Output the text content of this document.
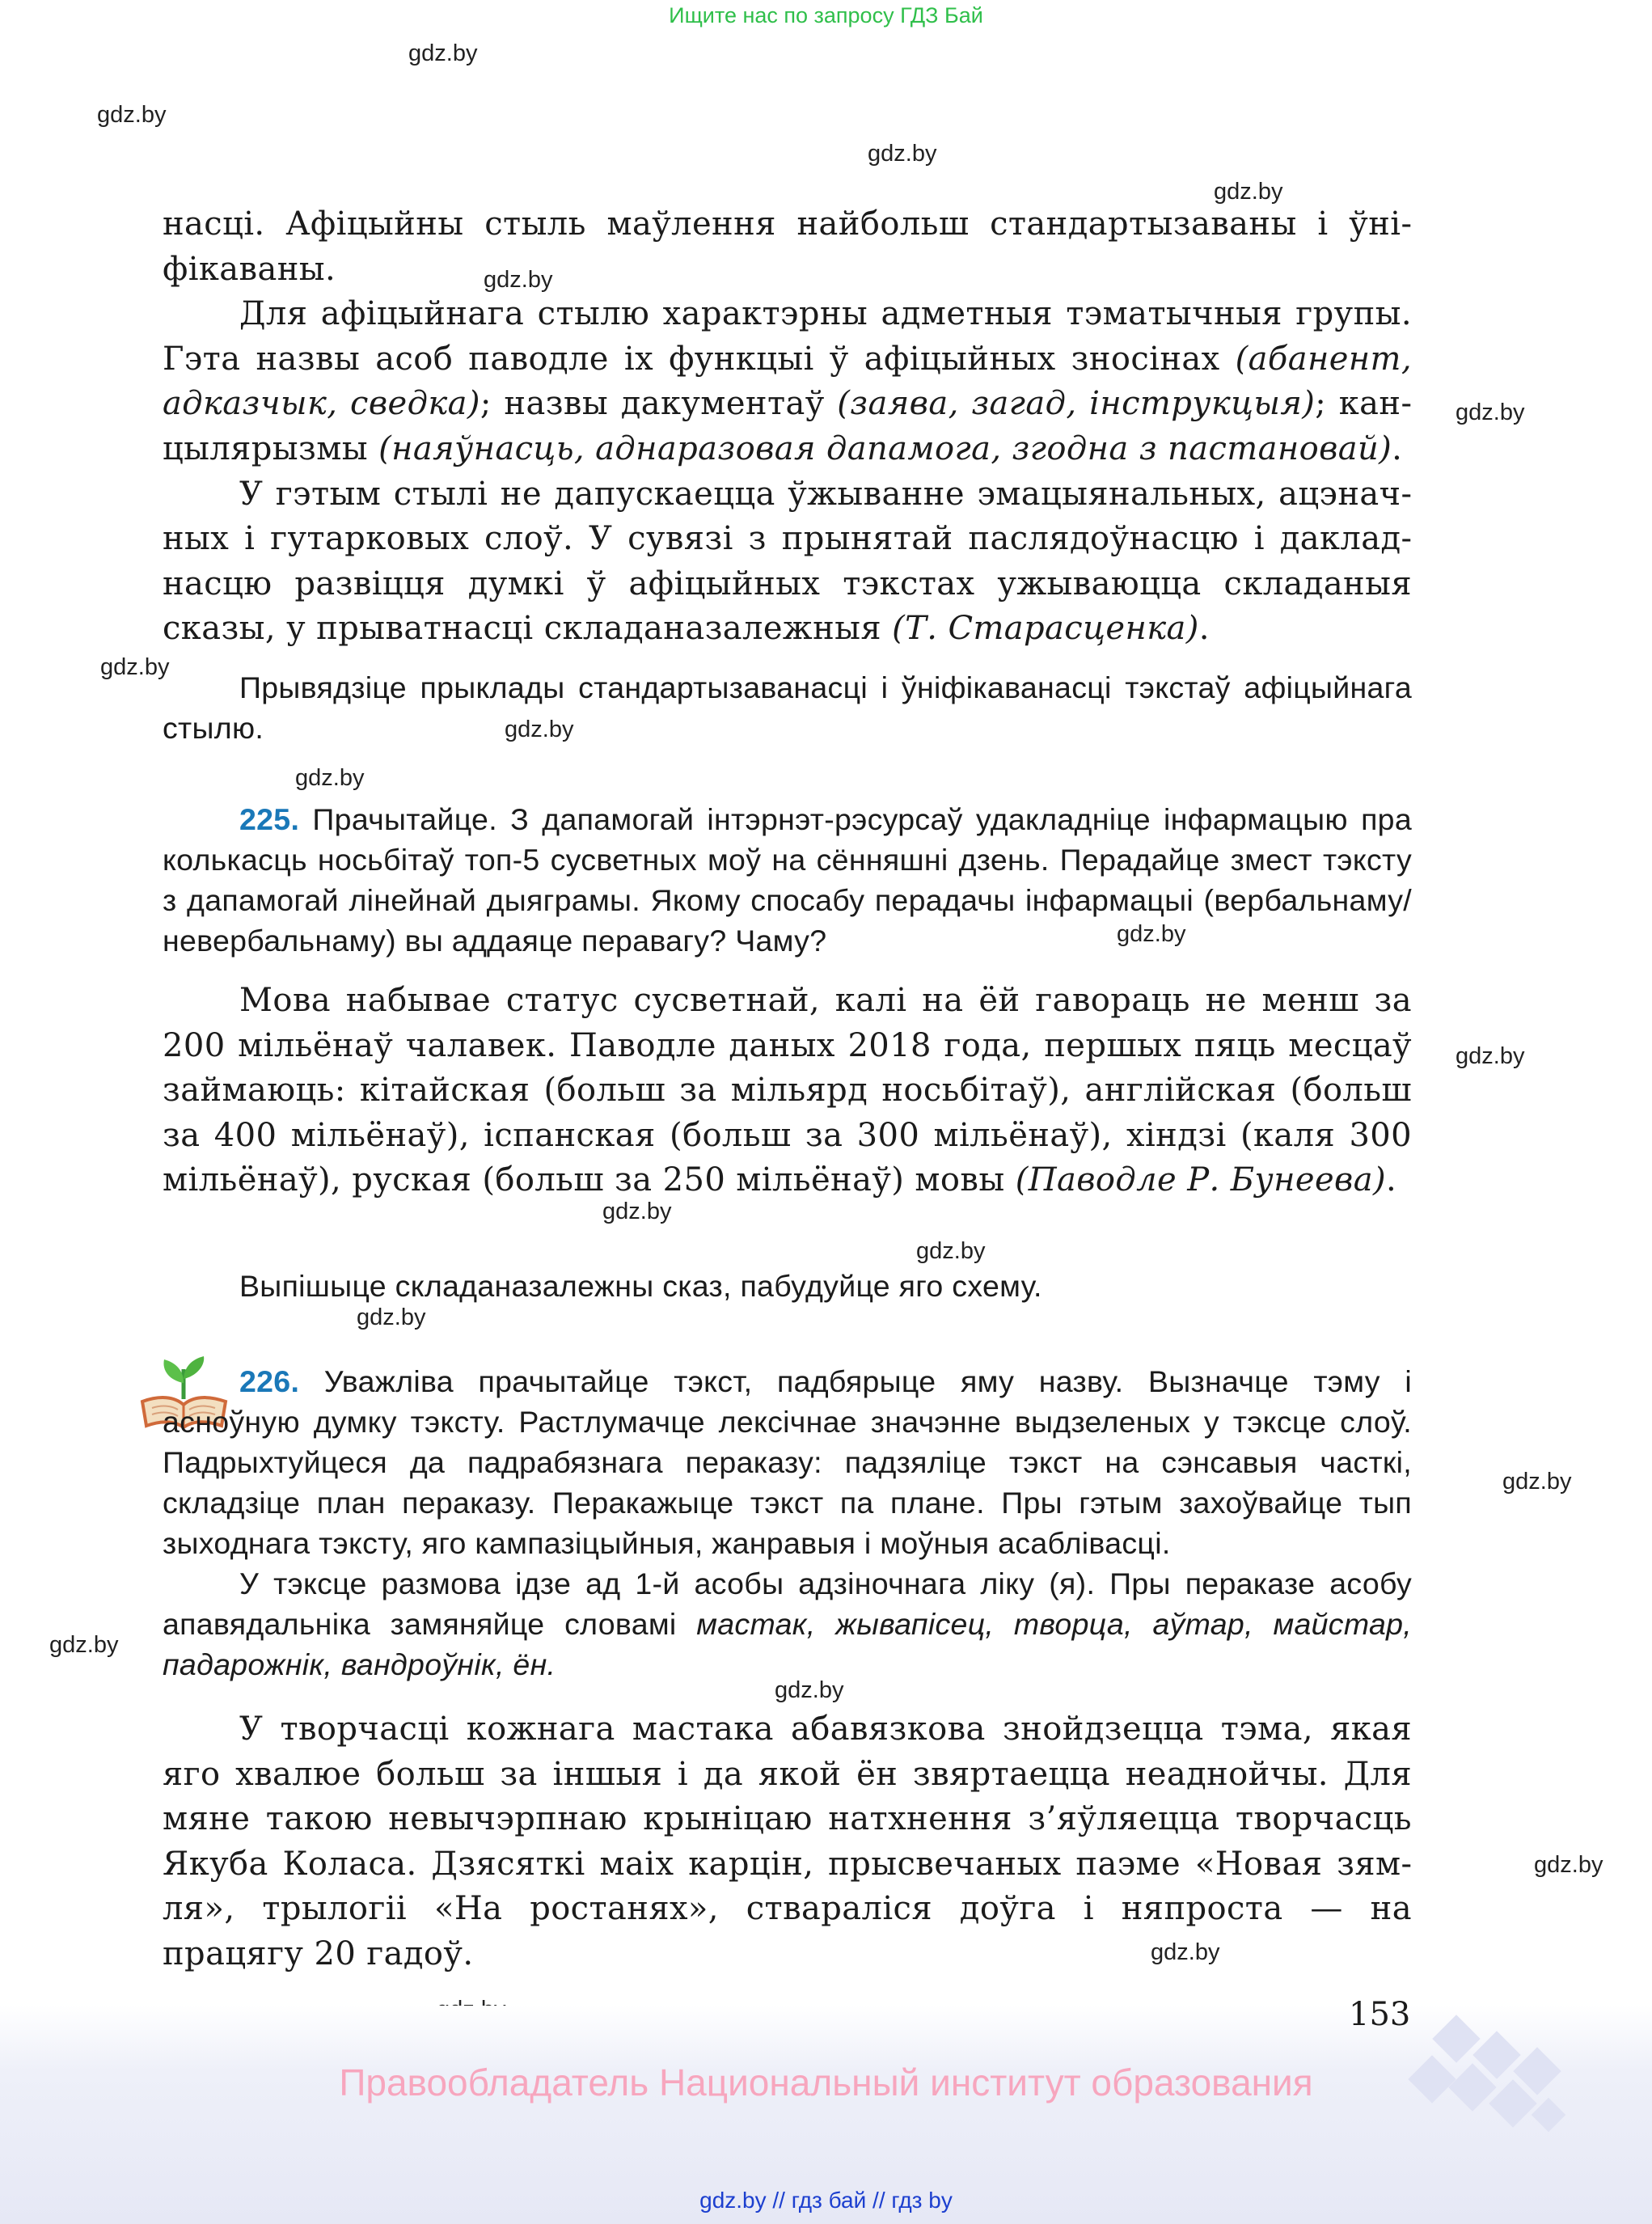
Ищите нас по запросу ГДЗ Бай
gdz.by
gdz.by
gdz.by
gdz.by
gdz.by
gdz.by
gdz.by
gdz.by
gdz.by
gdz.by
gdz.by
gdz.by
gdz.by
gdz.by
gdz.by
gdz.by
gdz.by
gdz.by
gdz.by

насці. Афіцыйны стыль маўлення найбольш стандартызаваны і ўніфікаваны.

Для афіцыйнага стылю характэрны адметныя тэматычныя групы. Гэта назвы асоб паводле іх функцыі ў афіцыйных зносінах (абанент, адказчык, сведка); назвы дакументаў (заява, загад, інструкцыя); канцылярызмы (наяўнасць, аднаразовая дапамога, згодна з пастановай).

У гэтым стылі не дапускаецца ўжыванне эмацыянальных, ацэначных і гутарковых слоў. У сувязі з прынятай паслядоўнасцю і дакладнасцю развіцця думкі ў афіцыйных тэкстах ужываюцца складаныя сказы, у прыватнасці складаназалежныя (Т. Старасценка).

Прывядзіце прыклады стандартызаванасці і ўніфікаванасці тэкстаў афіцыйнага стылю.

225. Прачытайце. З дапамогай інтэрнэт-рэсурсаў удакладніце інфармацыю пра колькасць носьбітаў топ-5 сусветных моў на сённяшні дзень. Перадайце змест тэксту з дапамогай лінейнай дыяграмы. Якому спосабу перадачы інфармацыі (вербальнаму/невербальнаму) вы аддаяце перавагу? Чаму?

Мова набывае статус сусветнай, калі на ёй гавораць не менш за 200 мільёнаў чалавек. Паводле даных 2018 года, першых пяць месцаў займаюць: кітайская (больш за мільярд носьбітаў), англійская (больш за 400 мільёнаў), іспанская (больш за 300 мільёнаў), хіндзі (каля 300 мільёнаў), руская (больш за 250 мільёнаў) мовы (Паводле Р. Бунеева).

Выпішыце складаназалежны сказ, пабудуйце яго схему.

226. Уважліва прачытайце тэкст, падбярыце яму назву. Вызначце тэму і асноўную думку тэксту. Растлумачце лексічнае значэнне выдзеленых у тэксце слоў. Падрыхтуйцеся да падрабязнага пераказу: падзяліце тэкст на сэнсавыя часткі, складзіце план пераказу. Перакажыце тэкст па плане. Пры гэтым захоўвайце тып зыходнага тэксту, яго кампазіцыйныя, жанравыя і моўныя асаблівасці.

У тэксце размова ідзе ад 1-й асобы адзіночнага ліку (я). Пры пераказе асобу апавядальніка замяняйце словамі мастак, жывапісец, творца, аўтар, майстар, падарожнік, вандроўнік, ён.

У творчасці кожнага мастака абавязкова знойдзецца тэма, якая яго хвалюе больш за іншыя і да якой ён звяртаецца неаднойчы. Для мяне такою невычэрпнаю крыніцаю натхнення з’яўляецца творчасць Якуба Коласа. Дзясяткі маіх карцін, прысвечаных паэме «Новая зямля», трылогіі «На ростанях», стварaліся доўга і няпроста — на працягу 20 гадоў.

153
Правообладатель Национальный институт образования
gdz.by // гдз бай // гдз by
